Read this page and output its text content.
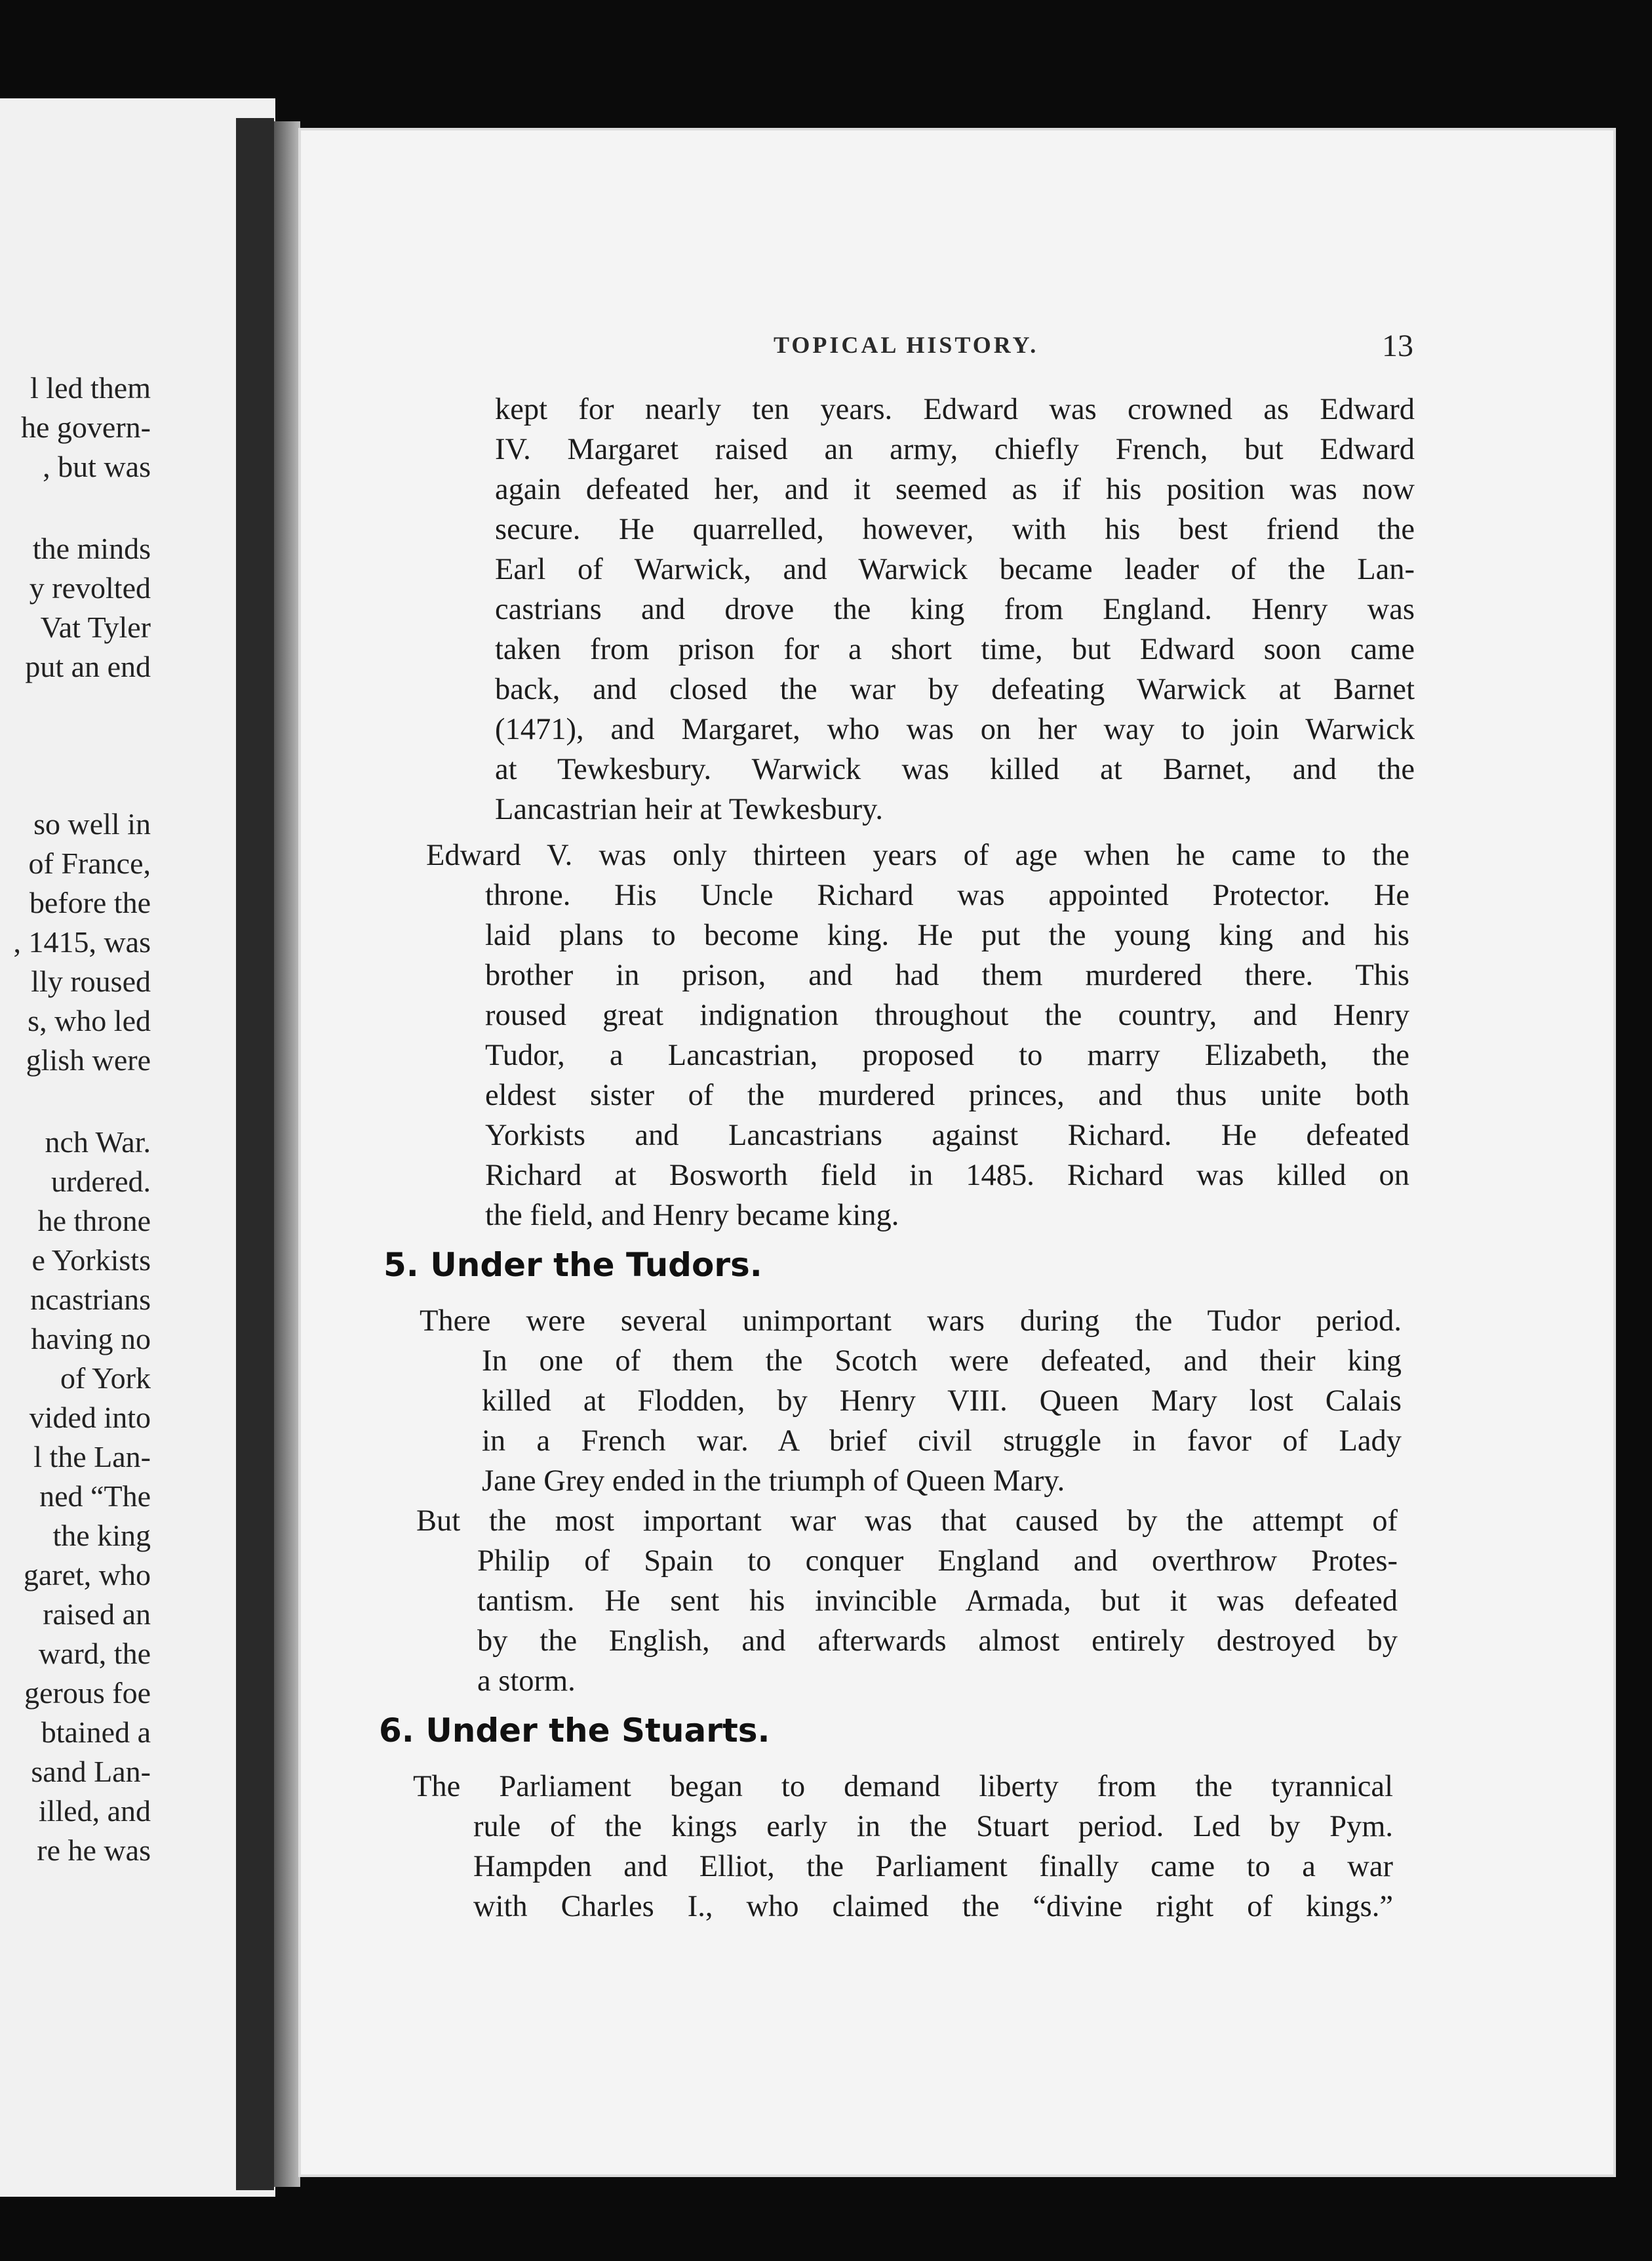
l led them
he govern-
, but was
the minds
y revolted
Vat Tyler
put an end
so well in
of France,
before the
, 1415, was
lly roused
s, who led
glish were
nch War.
urdered.
he throne
e Yorkists
ncastrians
having no
of York
vided into
l the Lan-
ned “The
the king
garet, who
raised an
ward, the
gerous foe
btained a
sand Lan-
illed, and
re he was
TOPICAL HISTORY.	13
kept for nearly ten years. Edward was crowned as Edward
IV. Margaret raised an army, chiefly French, but Edward
again defeated her, and it seemed as if his position was now
secure. He quarrelled, however, with his best friend the
Earl of Warwick, and Warwick became leader of the Lan-
castrians and drove the king from England. Henry was
taken from prison for a short time, but Edward soon came
back, and closed the war by defeating Warwick at Barnet
(1471), and Margaret, who was on her way to join Warwick
at Tewkesbury. Warwick was killed at Barnet, and the
Lancastrian heir at Tewkesbury.
Edward V. was only thirteen years of age when he came to the
throne. His Uncle Richard was appointed Protector. He
laid plans to become king. He put the young king and his
brother in prison, and had them murdered there. This
roused great indignation throughout the country, and Henry
Tudor, a Lancastrian, proposed to marry Elizabeth, the
eldest sister of the murdered princes, and thus unite both
Yorkists and Lancastrians against Richard. He defeated
Richard at Bosworth field in 1485. Richard was killed on
the field, and Henry became king.
5. Under the Tudors.
There were several unimportant wars during the Tudor period.
In one of them the Scotch were defeated, and their king
killed at Flodden, by Henry VIII. Queen Mary lost Calais
in a French war. A brief civil struggle in favor of Lady
Jane Grey ended in the triumph of Queen Mary.
But the most important war was that caused by the attempt of
Philip of Spain to conquer England and overthrow Protes-
tantism. He sent his invincible Armada, but it was defeated
by the English, and afterwards almost entirely destroyed by
a storm.
6. Under the Stuarts.
The Parliament began to demand liberty from the tyrannical
rule of the kings early in the Stuart period. Led by Pym.
Hampden and Elliot, the Parliament finally came to a war
with Charles I., who claimed the “divine right of kings.”
